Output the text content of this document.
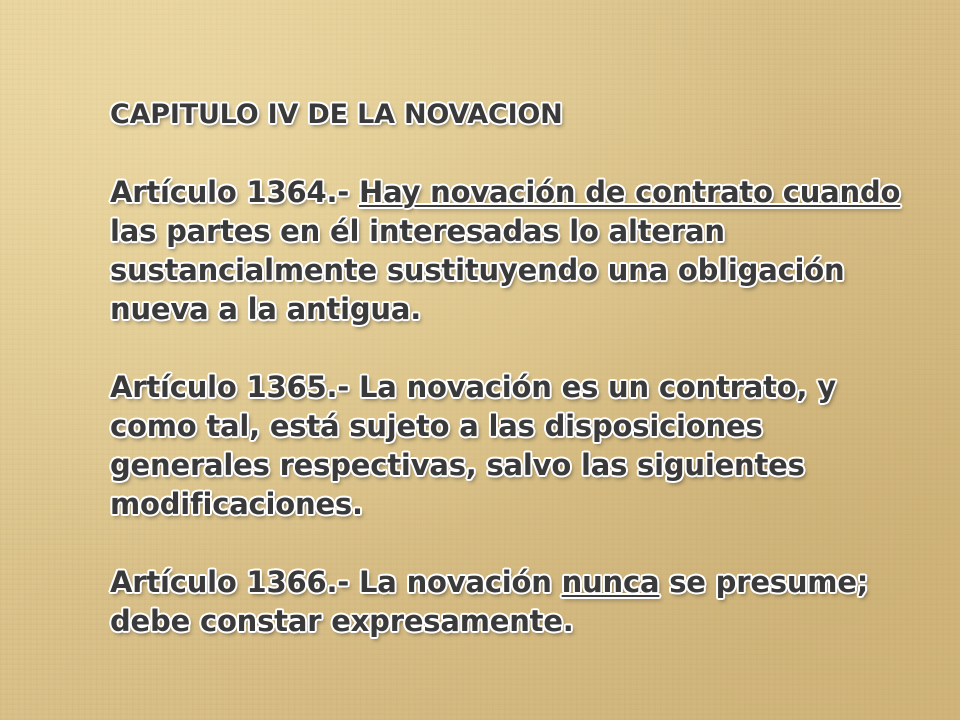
CAPITULO IV DE LA NOVACION
Artículo 1364.- Hay novación de contrato cuando las partes en él interesadas lo alteran sustancialmente sustituyendo una obligación nueva a la antigua.
Artículo 1365.- La novación es un contrato, y como tal, está sujeto a las disposiciones generales respectivas, salvo las siguientes modificaciones.
Artículo 1366.- La novación nunca se presume; debe constar expresamente.
